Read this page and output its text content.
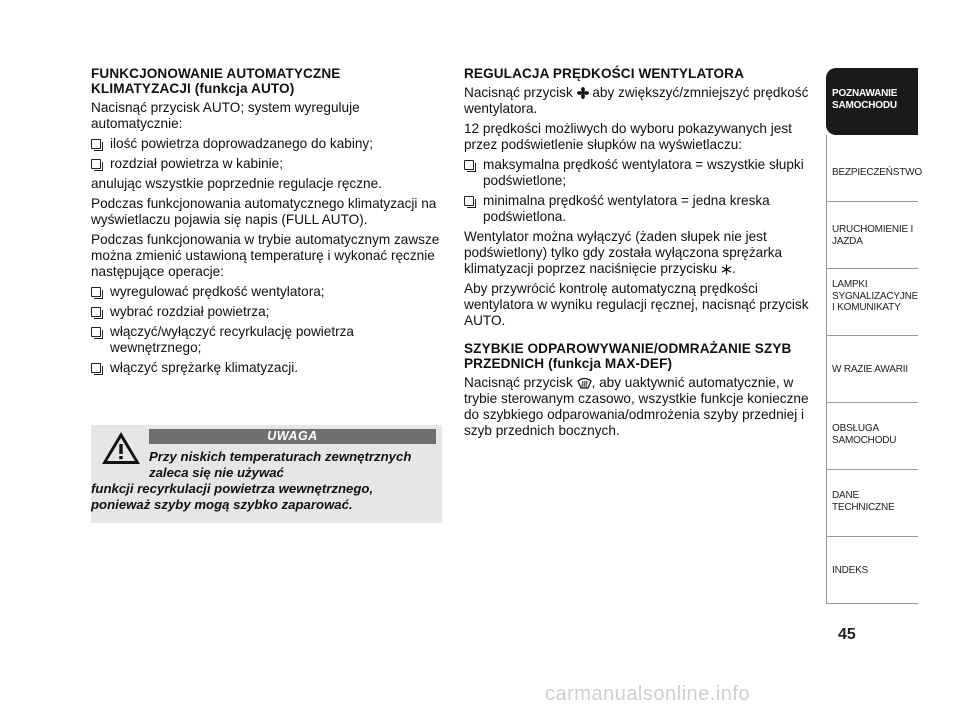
FUNKCJONOWANIE AUTOMATYCZNE KLIMATYZACJI (funkcja AUTO)
Nacisnąć przycisk AUTO; system wyreguluje automatycznie:
ilość powietrza doprowadzanego do kabiny;
rozdział powietrza w kabinie;
anulując wszystkie poprzednie regulacje ręczne.
Podczas funkcjonowania automatycznego klimatyzacji na wyświetlaczu pojawia się napis (FULL AUTO).
Podczas funkcjonowania w trybie automatycznym zawsze można zmienić ustawioną temperaturę i wykonać ręcznie następujące operacje:
wyregulować prędkość wentylatora;
wybrać rozdział powietrza;
włączyć/wyłączyć recyrkulację powietrza wewnętrznego;
włączyć sprężarkę klimatyzacji.
UWAGA
Przy niskich temperaturach zewnętrznych zaleca się nie używać
funkcji recyrkulacji powietrza wewnętrznego, ponieważ szyby mogą szybko zaparować.
REGULACJA PRĘDKOŚCI WENTYLATORA
Nacisnąć przycisk aby zwiększyć/zmniejszyć prędkość wentylatora.
12 prędkości możliwych do wyboru pokazywanych jest przez podświetlenie słupków na wyświetlaczu:
maksymalna prędkość wentylatora = wszystkie słupki podświetlone;
minimalna prędkość wentylatora = jedna kreska podświetlona.
Wentylator można wyłączyć (żaden słupek nie jest podświetlony) tylko gdy została wyłączona sprężarka klimatyzacji poprzez naciśnięcie przycisku .
Aby przywrócić kontrolę automatyczną prędkości wentylatora w wyniku regulacji ręcznej, nacisnąć przycisk AUTO.
SZYBKIE ODPAROWYWANIE/ODMRAŻANIE SZYB PRZEDNICH (funkcja MAX-DEF)
Nacisnąć przycisk , aby uaktywnić automatycznie, w trybie sterowanym czasowo, wszystkie funkcje konieczne do szybkiego odparowania/odmrożenia szyby przedniej i szyb przednich bocznych.
POZNAWANIE SAMOCHODU
BEZPIECZEŃSTWO
URUCHOMIENIE I JAZDA
LAMPKI SYGNALIZACYJNE I KOMUNIKATY
W RAZIE AWARII
OBSŁUGA SAMOCHODU
DANE TECHNICZNE
INDEKS
45
carmanualsonline.info
